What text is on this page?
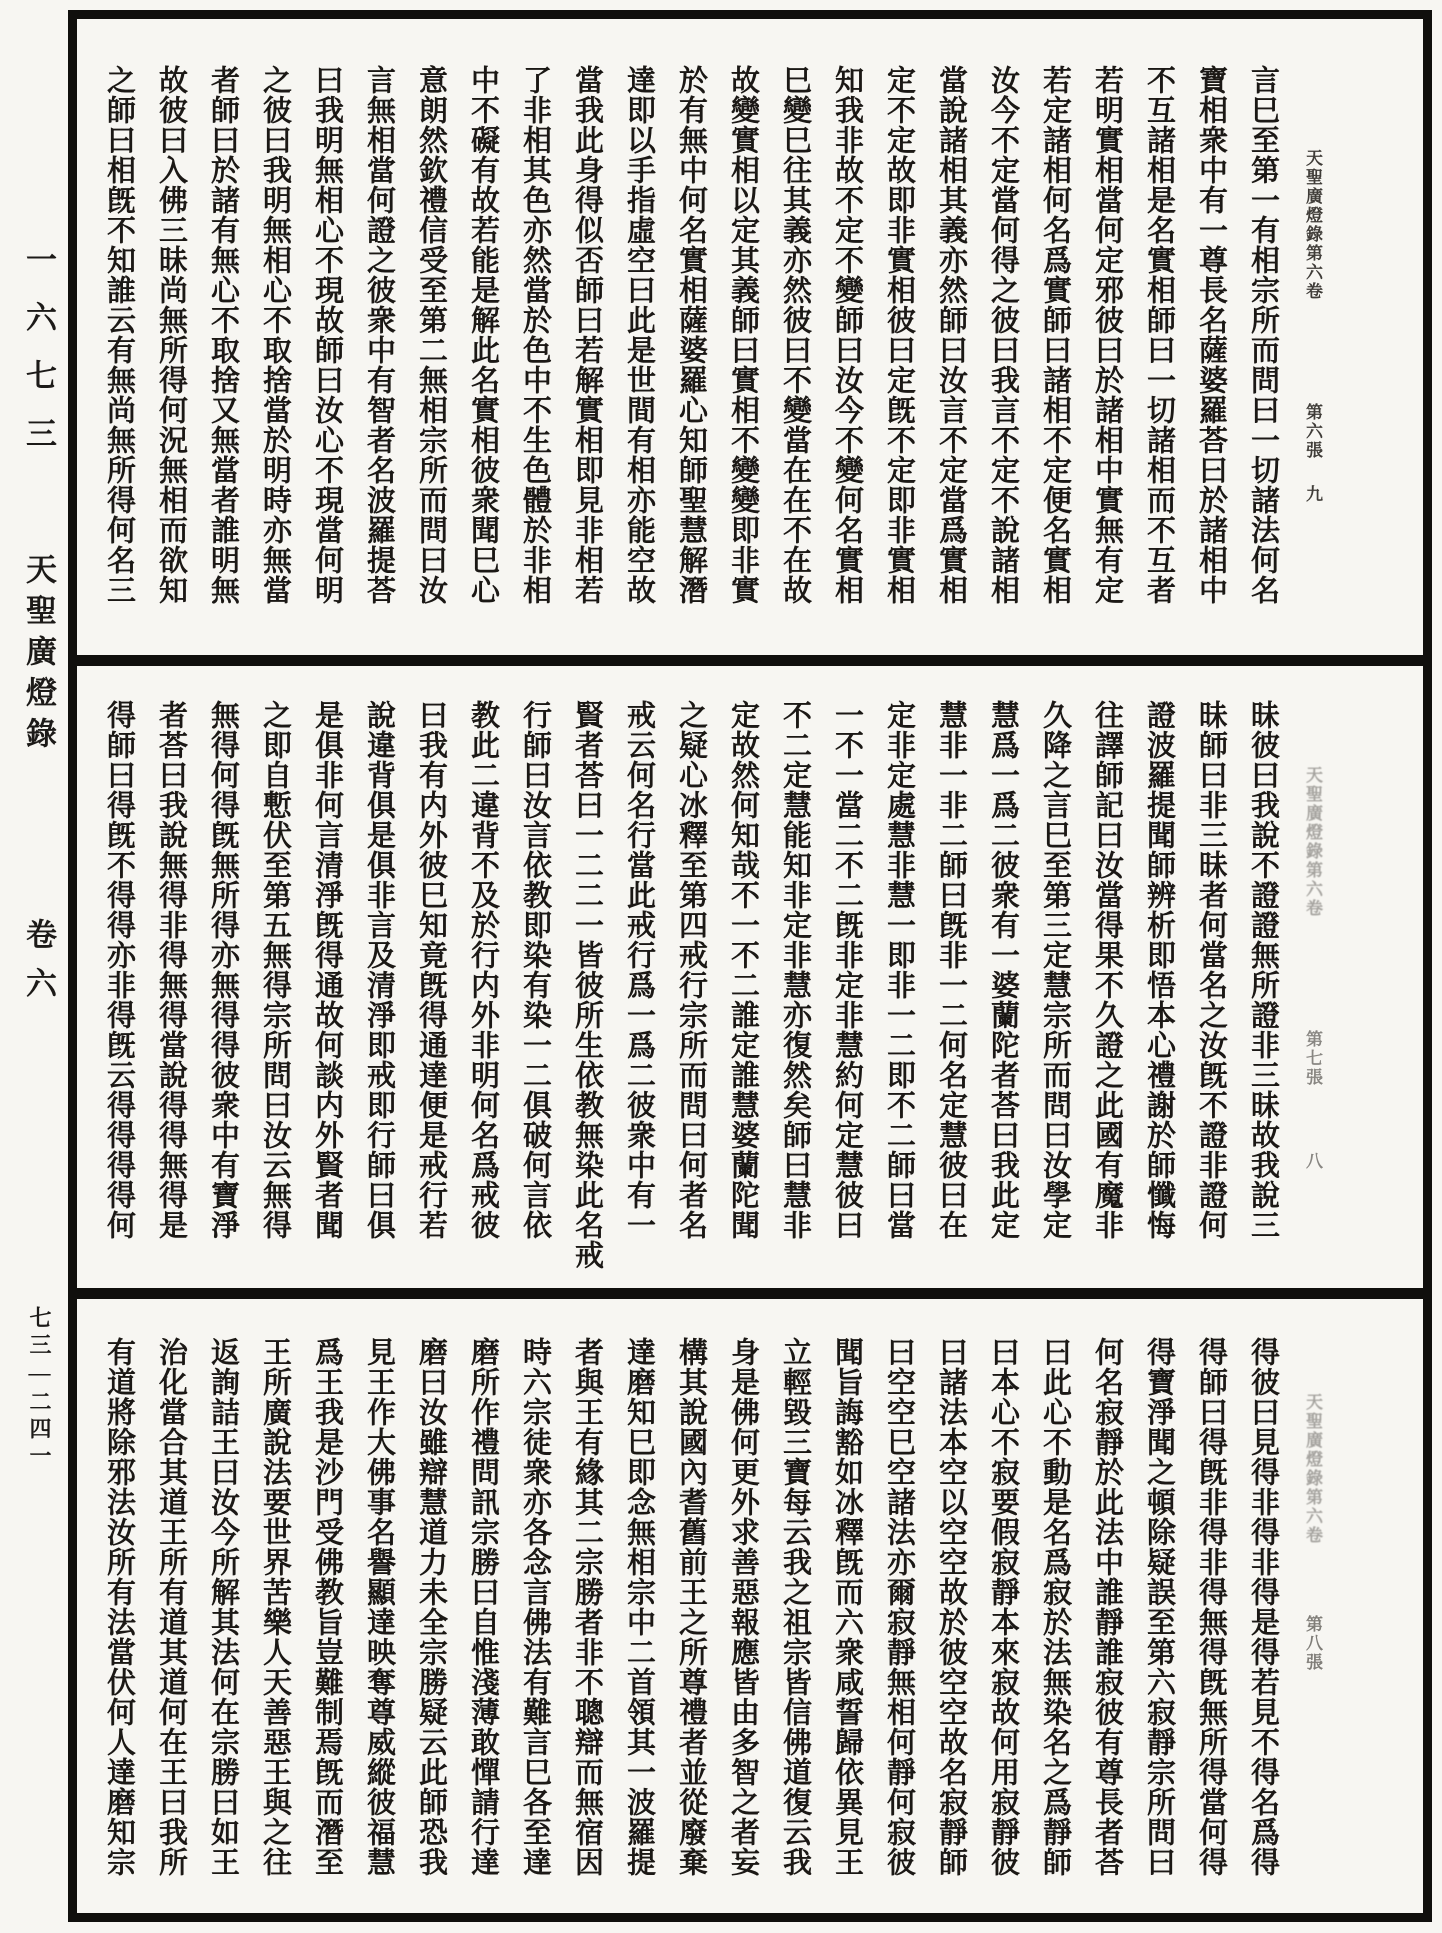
一六七三
天聖廣燈錄
卷六
七三—二四一
天聖廣燈錄第六卷
第六張
九
言巳至第一有相宗所而問曰一切諸法何名
寶相衆中有一尊長名薩婆羅荅曰於諸相中
不互諸相是名實相師曰一切諸相而不互者
若明實相當何定邪彼曰於諸相中實無有定
若定諸相何名爲實師曰諸相不定便名實相
汝今不定當何得之彼曰我言不定不說諸相
當說諸相其義亦然師曰汝言不定當爲實相
定不定故即非實相彼曰定旣不定即非實相
知我非故不定不變師曰汝今不變何名實相
巳變巳往其義亦然彼曰不變當在在不在故
故變實相以定其義師曰實相不變變即非實
於有無中何名實相薩婆羅心知師聖慧解潛
達即以手指虛空曰此是世間有相亦能空故
當我此身得似否師曰若解實相即見非相若
了非相其色亦然當於色中不生色體於非相
中不礙有故若能是解此名實相彼衆聞巳心
意朗然欽禮信受至第二無相宗所而問曰汝
言無相當何證之彼衆中有智者名波羅提荅
曰我明無相心不現故師曰汝心不現當何明
之彼曰我明無相心不取捨當於明時亦無當
者師曰於諸有無心不取捨又無當者誰明無
故彼曰入佛三昧尚無所得何況無相而欲知
之師曰相旣不知誰云有無尚無所得何名三
天聖廣燈錄第六卷
第七張
八
昧彼曰我說不證證無所證非三昧故我說三
昧師曰非三昧者何當名之汝旣不證非證何
證波羅提聞師辨析即悟本心禮謝於師懺悔
往譯師記曰汝當得果不久證之此國有魔非
久降之言巳至第三定慧宗所而問曰汝學定
慧爲一爲二彼衆有一婆蘭陀者荅曰我此定
慧非一非二師曰旣非一二何名定慧彼曰在
定非定處慧非慧一即非一二即不二師曰當
一不一當二不二旣非定非慧約何定慧彼曰
不二定慧能知非定非慧亦復然矣師曰慧非
定故然何知哉不一不二誰定誰慧婆蘭陀聞
之疑心冰釋至第四戒行宗所而問曰何者名
戒云何名行當此戒行爲一爲二彼衆中有一
賢者荅曰一二二一皆彼所生依教無染此名戒
行師曰汝言依教即染有染一二俱破何言依
教此二違背不及於行内外非明何名爲戒彼
曰我有内外彼巳知竟旣得通達便是戒行若
說違背俱是俱非言及清淨即戒即行師曰俱
是俱非何言清淨旣得通故何談内外賢者聞
之即自慙伏至第五無得宗所問曰汝云無得
無得何得旣無所得亦無得得彼衆中有寶淨
者荅曰我說無得非得無得當說得得無得是
得師曰得旣不得得亦非得旣云得得得得何
天聖廣燈錄第六卷
第八張
得彼曰見得非得非得是得若見不得名爲得
得師曰得旣非得非得無得旣無所得當何得
得寶淨聞之頓除疑誤至第六寂靜宗所問曰
何名寂靜於此法中誰靜誰寂彼有尊長者荅
曰此心不動是名爲寂於法無染名之爲靜師
曰本心不寂要假寂靜本來寂故何用寂靜彼
曰諸法本空以空空故於彼空空故名寂靜師
曰空空巳空諸法亦爾寂靜無相何靜何寂彼
聞旨誨豁如冰釋旣而六衆咸誓歸依異見王
立輕毀三寶每云我之祖宗皆信佛道復云我
身是佛何更外求善惡報應皆由多智之者妄
構其說國內耆舊前王之所尊禮者並從廢棄
達磨知巳即念無相宗中二首領其一波羅提
者與王有緣其二宗勝者非不聰辯而無宿因
時六宗徒衆亦各念言佛法有難言巳各至達
磨所作禮問訊宗勝曰自惟淺薄敢憚請行達
磨曰汝雖辯慧道力未全宗勝疑云此師恐我
見王作大佛事名譽顯達映奪尊威縱彼福慧
爲王我是沙門受佛教旨豈難制焉旣而潛至
王所廣說法要世界苦樂人天善惡王與之往
返詢詰王曰汝今所解其法何在宗勝曰如王
治化當合其道王所有道其道何在王曰我所
有道將除邪法汝所有法當伏何人達磨知宗
